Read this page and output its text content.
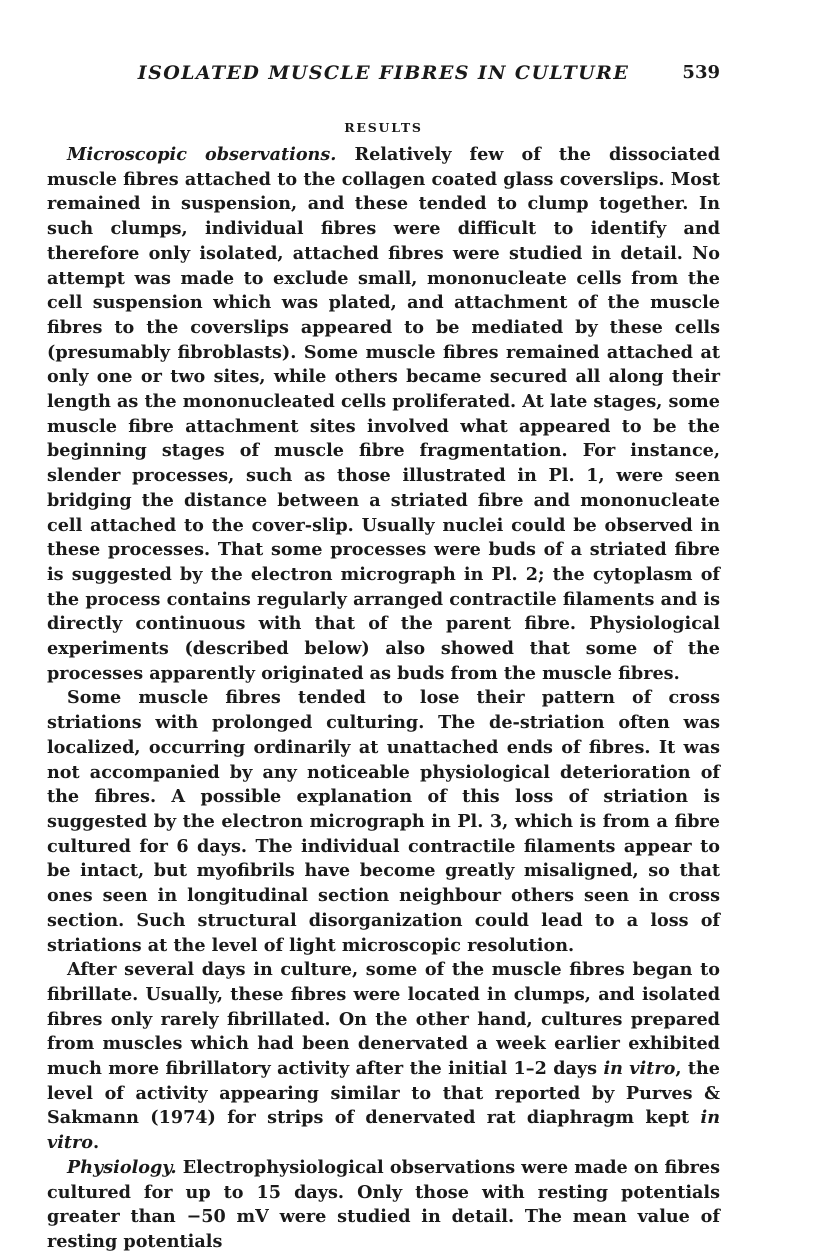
ISOLATED MUSCLE FIBRES IN CULTURE	539
RESULTS

Microscopic observations. Relatively few of the dissociated muscle fibres attached to the collagen coated glass coverslips. Most remained in suspension, and these tended to clump together. In such clumps, individual fibres were difficult to identify and therefore only isolated, attached fibres were studied in detail. No attempt was made to exclude small, mononucleate cells from the cell suspension which was plated, and attachment of the muscle fibres to the coverslips appeared to be mediated by these cells (presumably fibroblasts). Some muscle fibres remained attached at only one or two sites, while others became secured all along their length as the mononucleated cells proliferated. At late stages, some muscle fibre attachment sites involved what appeared to be the beginning stages of muscle fibre fragmentation. For instance, slender processes, such as those illustrated in Pl. 1, were seen bridging the distance between a striated fibre and mononucleate cell attached to the cover-slip. Usually nuclei could be observed in these processes. That some processes were buds of a striated fibre is suggested by the electron micrograph in Pl. 2; the cytoplasm of the process contains regularly arranged contractile filaments and is directly continuous with that of the parent fibre. Physiological experiments (described below) also showed that some of the processes apparently originated as buds from the muscle fibres.

Some muscle fibres tended to lose their pattern of cross striations with prolonged culturing. The de-striation often was localized, occurring ordinarily at unattached ends of fibres. It was not accompanied by any noticeable physiological deterioration of the fibres. A possible explanation of this loss of striation is suggested by the electron micrograph in Pl. 3, which is from a fibre cultured for 6 days. The individual contractile filaments appear to be intact, but myofibrils have become greatly misaligned, so that ones seen in longitudinal section neighbour others seen in cross section. Such structural disorganization could lead to a loss of striations at the level of light microscopic resolution.

After several days in culture, some of the muscle fibres began to fibrillate. Usually, these fibres were located in clumps, and isolated fibres only rarely fibrillated. On the other hand, cultures prepared from muscles which had been denervated a week earlier exhibited much more fibrillatory activity after the initial 1–2 days in vitro, the level of activity appearing similar to that reported by Purves & Sakmann (1974) for strips of denervated rat diaphragm kept in vitro.

Physiology. Electrophysiological observations were made on fibres cultured for up to 15 days. Only those with resting potentials greater than −50 mV were studied in detail. The mean value of resting potentials
